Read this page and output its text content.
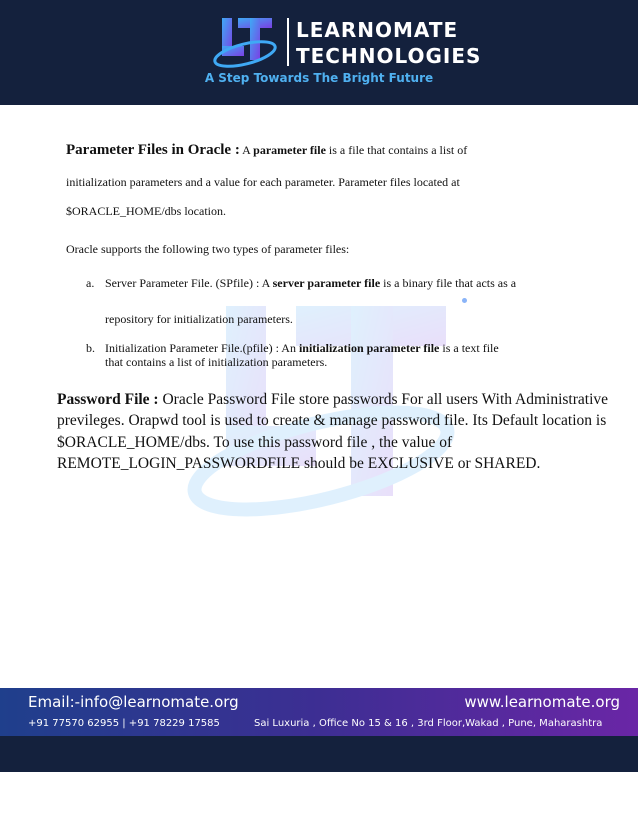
LEARNOMATE
TECHNOLOGIES
A Step Towards The Bright Future
Parameter Files in Oracle : A parameter file is a file that contains a list of
initialization parameters and a value for each parameter. Parameter files located at
$ORACLE_HOME/dbs location.
Oracle supports the following two types of parameter files:
a. Server Parameter File. (SPfile) : A server parameter file is a binary file that acts as a
repository for initialization parameters.
b. Initialization Parameter File.(pfile) : An initialization parameter file is a text file
that contains a list of initialization parameters.
Password File : Oracle Password File store passwords For all users With Administrative previleges. Orapwd tool is used to create & manage password file. Its Default location is $ORACLE_HOME/dbs. To use this password file , the value of REMOTE_LOGIN_PASSWORDFILE should be EXCLUSIVE or SHARED.
Email:-info@learnomate.org	www.learnomate.org
+91 77570 62955 | +91 78229 17585	Sai Luxuria , Office No 15 & 16 , 3rd Floor,Wakad , Pune, Maharashtra
